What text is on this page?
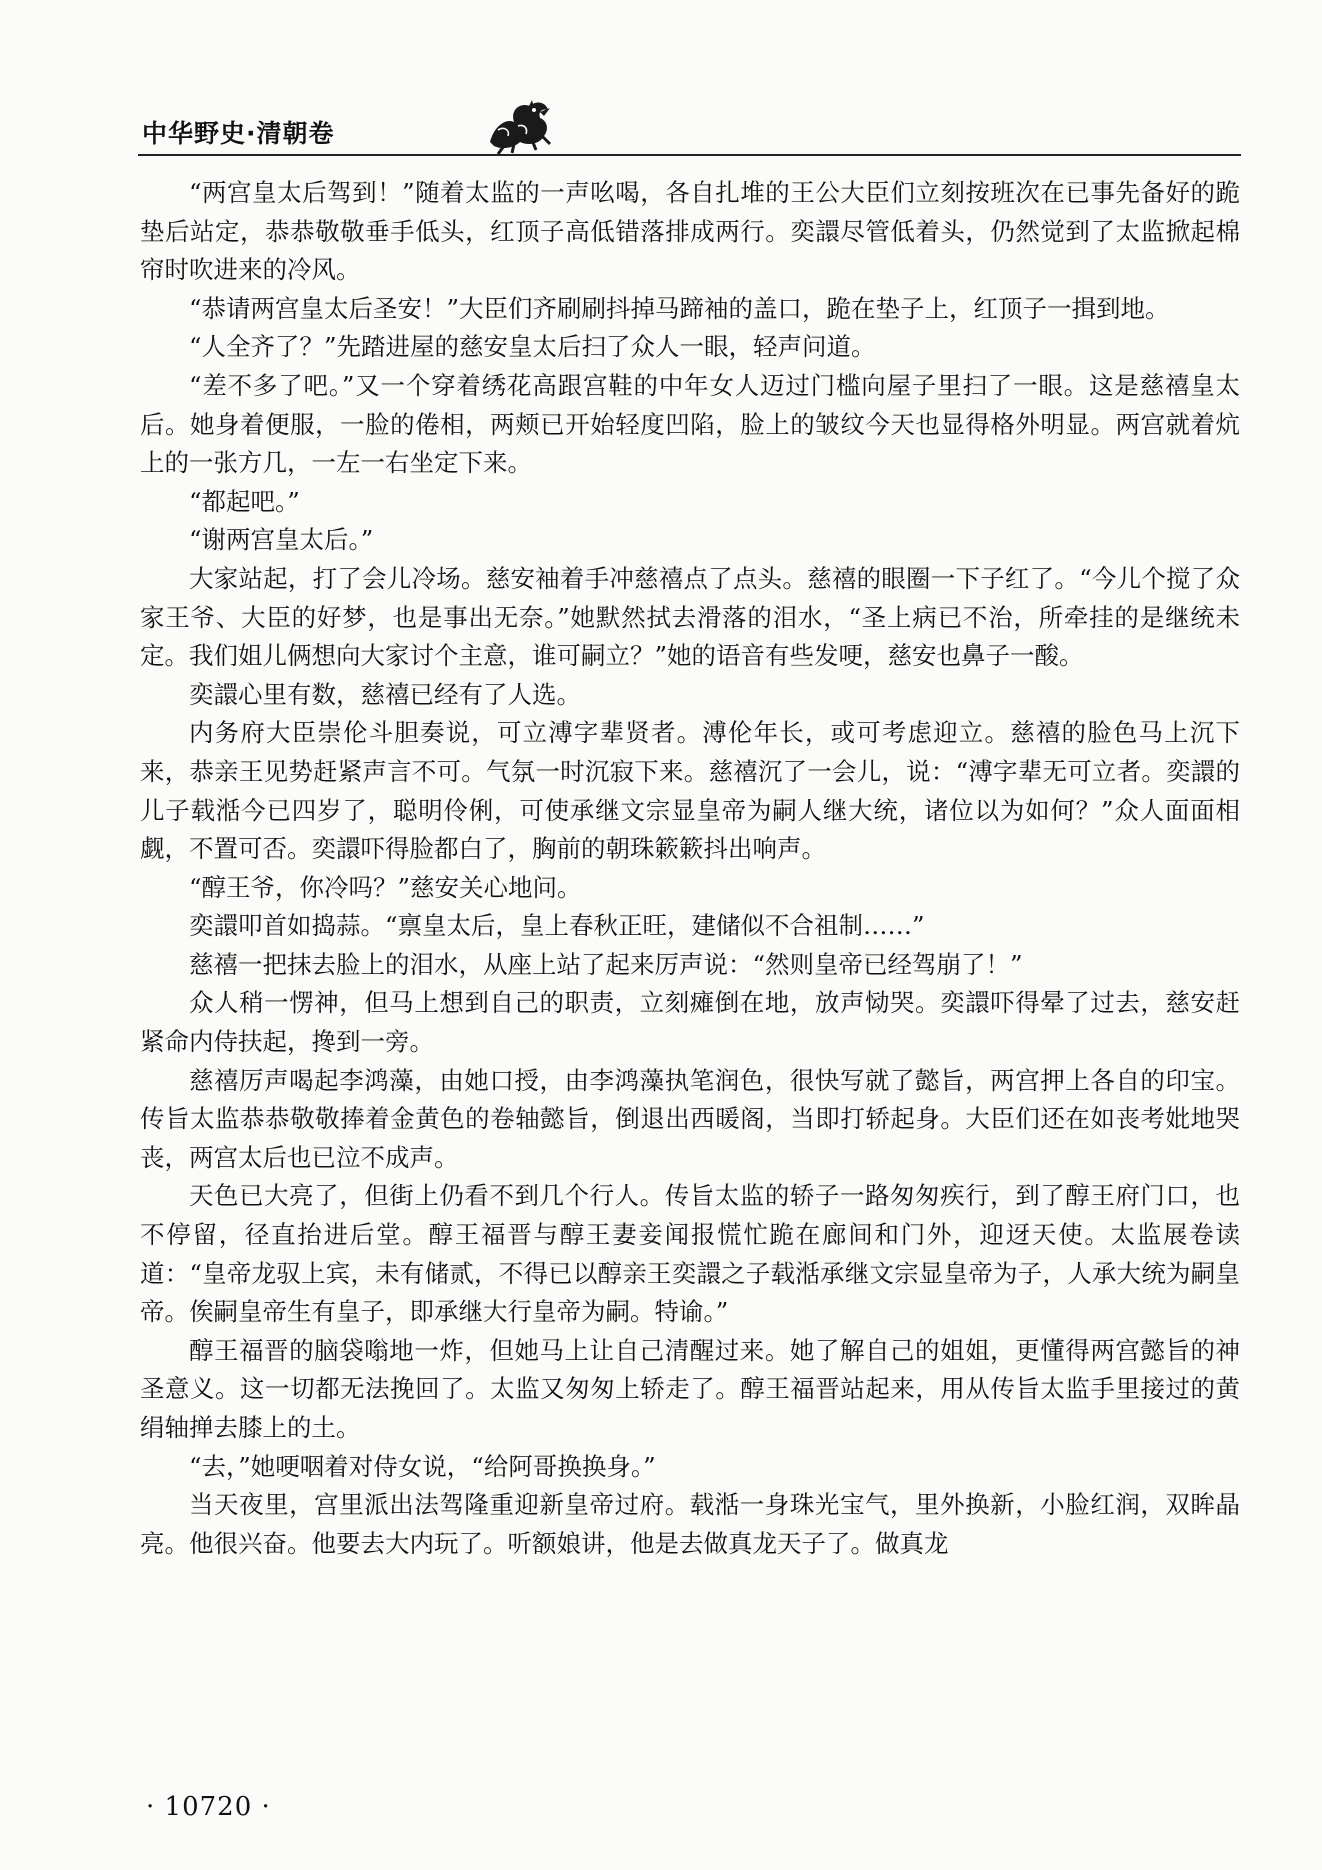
中华野史·清朝卷

“两宫皇太后驾到！”随着太监的一声吆喝，各自扎堆的王公大臣们立刻按班次在已事先备好的跪垫后站定，恭恭敬敬垂手低头，红顶子高低错落排成两行。奕譞尽管低着头，仍然觉到了太监掀起棉帘时吹进来的冷风。

“恭请两宫皇太后圣安！”大臣们齐刷刷抖掉马蹄袖的盖口，跪在垫子上，红顶子一揖到地。

“人全齐了？”先踏进屋的慈安皇太后扫了众人一眼，轻声问道。

“差不多了吧。”又一个穿着绣花高跟宫鞋的中年女人迈过门槛向屋子里扫了一眼。这是慈禧皇太后。她身着便服，一脸的倦相，两颊已开始轻度凹陷，脸上的皱纹今天也显得格外明显。两宫就着炕上的一张方几，一左一右坐定下来。

“都起吧。”

“谢两宫皇太后。”

大家站起，打了会儿冷场。慈安袖着手冲慈禧点了点头。慈禧的眼圈一下子红了。“今儿个搅了众家王爷、大臣的好梦，也是事出无奈。”她默然拭去滑落的泪水，“圣上病已不治，所牵挂的是继统未定。我们姐儿俩想向大家讨个主意，谁可嗣立？”她的语音有些发哽，慈安也鼻子一酸。

奕譞心里有数，慈禧已经有了人选。

内务府大臣崇伦斗胆奏说，可立溥字辈贤者。溥伦年长，或可考虑迎立。慈禧的脸色马上沉下来，恭亲王见势赶紧声言不可。气氛一时沉寂下来。慈禧沉了一会儿，说：“溥字辈无可立者。奕譞的儿子载湉今已四岁了，聪明伶俐，可使承继文宗显皇帝为嗣人继大统，诸位以为如何？”众人面面相觑，不置可否。奕譞吓得脸都白了，胸前的朝珠簌簌抖出响声。

“醇王爷，你冷吗？”慈安关心地问。

奕譞叩首如捣蒜。“禀皇太后，皇上春秋正旺，建储似不合祖制……”

慈禧一把抹去脸上的泪水，从座上站了起来厉声说：“然则皇帝已经驾崩了！”

众人稍一愣神，但马上想到自己的职责，立刻瘫倒在地，放声恸哭。奕譞吓得晕了过去，慈安赶紧命内侍扶起，搀到一旁。

慈禧厉声喝起李鸿藻，由她口授，由李鸿藻执笔润色，很快写就了懿旨，两宫押上各自的印宝。传旨太监恭恭敬敬捧着金黄色的卷轴懿旨，倒退出西暖阁，当即打轿起身。大臣们还在如丧考妣地哭丧，两宫太后也已泣不成声。

天色已大亮了，但街上仍看不到几个行人。传旨太监的轿子一路匆匆疾行，到了醇王府门口，也不停留，径直抬进后堂。醇王福晋与醇王妻妾闻报慌忙跪在廊间和门外，迎迓天使。太监展卷读道：“皇帝龙驭上宾，未有储贰，不得已以醇亲王奕譞之子载湉承继文宗显皇帝为子，人承大统为嗣皇帝。俟嗣皇帝生有皇子，即承继大行皇帝为嗣。特谕。”

醇王福晋的脑袋嗡地一炸，但她马上让自己清醒过来。她了解自己的姐姐，更懂得两宫懿旨的神圣意义。这一切都无法挽回了。太监又匆匆上轿走了。醇王福晋站起来，用从传旨太监手里接过的黄绢轴掸去膝上的土。

“去，”她哽咽着对侍女说，“给阿哥换换身。”

当天夜里，宫里派出法驾隆重迎新皇帝过府。载湉一身珠光宝气，里外换新，小脸红润，双眸晶亮。他很兴奋。他要去大内玩了。听额娘讲，他是去做真龙天子了。做真龙

· 10720 ·
